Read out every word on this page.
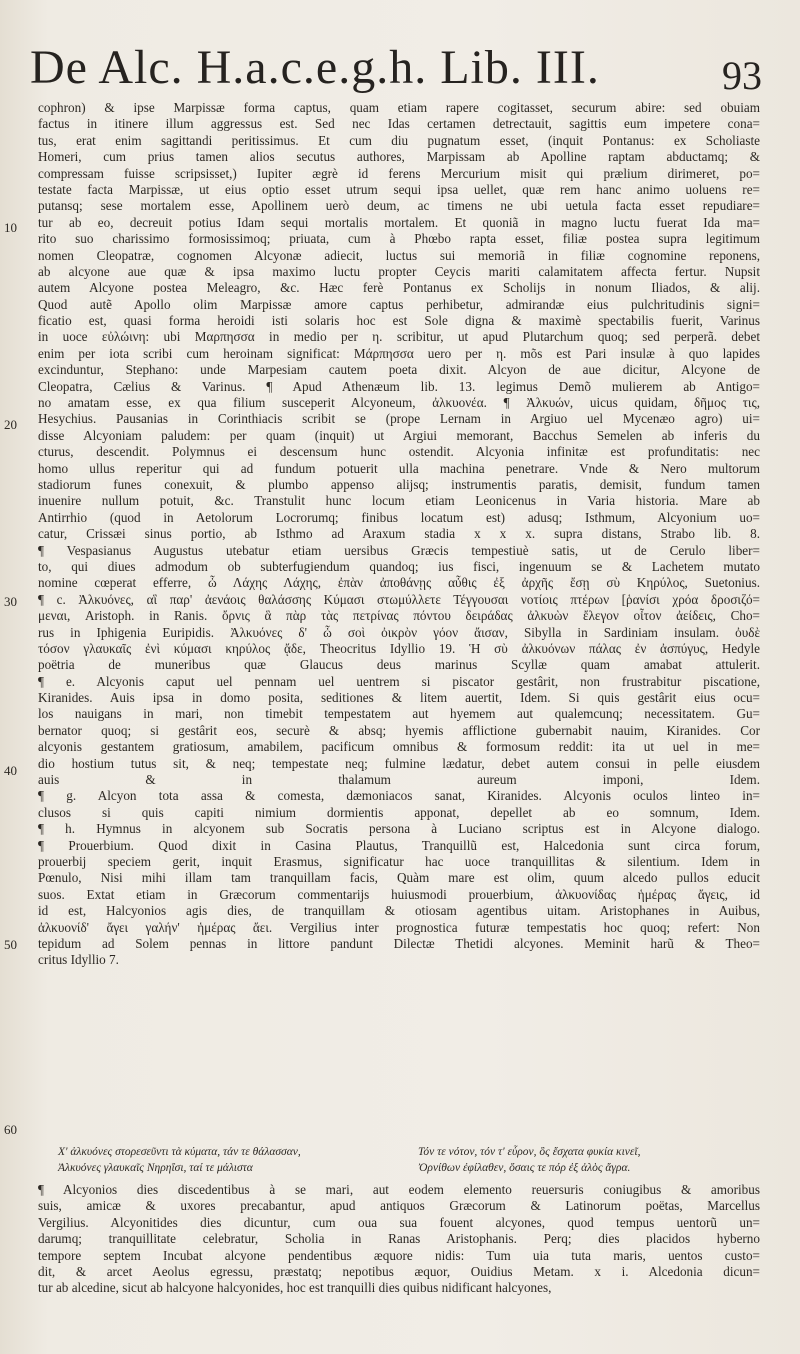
De Alc. H.a.c.e.g.h. Lib. III.	93
10
20
30
40
50
60
cophron) & ipse Marpissæ forma captus, quam etiam rapere cogitasset, securum abire: sed obuiam
factus in itinere illum aggressus est. Sed nec Idas certamen detrectauit, sagittis eum impetere cona=
tus, erat enim sagittandi peritissimus. Et cum diu pugnatum esset, (inquit Pontanus: ex Scholiaste
Homeri, cum prius tamen alios secutus authores, Marpissam ab Apolline raptam abductamq; &
compressam fuisse scripsisset,) Iupiter ægrè id ferens Mercurium misit qui prælium dirimeret, po=
testate facta Marpissæ, ut eius optio esset utrum sequi ipsa uellet, quæ rem hanc animo uoluens re=
putansq; sese mortalem esse, Apollinem uerò deum, ac timens ne ubi uetula facta esset repudiare=
tur ab eo, decreuit potius Idam sequi mortalis mortalem. Et quoniã in magno luctu fuerat Ida ma=
rito suo charissimo formosissimoq; priuata, cum à Phœbo rapta esset, filiæ postea supra legitimum
nomen Cleopatræ, cognomen Alcyonæ adiecit, luctus sui memoriã in filiæ cognomine reponens,
ab alcyone aue quæ & ipsa maximo luctu propter Ceycis mariti calamitatem affecta fertur. Nupsit
autem Alcyone postea Meleagro, &c. Hæc ferè Pontanus ex Scholijs in nonum Iliados, & alij.
Quod autẽ Apollo olim Marpissæ amore captus perhibetur, admirandæ eius pulchritudinis signi=
ficatio est, quasi forma heroidi isti solaris hoc est Sole digna & maximè spectabilis fuerit, Varinus
in uoce εὐλώινη: ubi Μαρπησσα in medio per η. scribitur, ut apud Plutarchum quoq; sed perperã. debet
enim per iota scribi cum heroinam significat: Μάρπησσα uero per η. mõs est Pari insulæ à quo lapides
excinduntur, Stephano: unde Marpesiam cautem poeta dixit. Alcyon de aue dicitur, Alcyone de
Cleopatra, Cælius & Varinus. ¶ Apud Athenæum lib. 13. legimus Demõ mulierem ab Antigo=
no amatam esse, ex qua filium susceperit Alcyoneum, ἀλκυονέα. ¶ Ἀλκυών, uicus quidam, δῆμος τις,
Hesychius. Pausanias in Corinthiacis scribit se (prope Lernam in Argiuo uel Mycenæo agro) ui=
disse Alcyoniam paludem: per quam (inquit) ut Argiui memorant, Bacchus Semelen ab inferis du
cturus, descendit. Polymnus ei descensum hunc ostendit. Alcyonia infinitæ est profunditatis: nec
homo ullus reperitur qui ad fundum potuerit ulla machina penetrare. Vnde & Nero multorum
stadiorum funes conexuit, & plumbo appenso alijsq; instrumentis paratis, demisit, fundum tamen
inuenire nullum potuit, &c. Transtulit hunc locum etiam Leonicenus in Varia historia. Mare ab
Antirrhio (quod in Aetolorum Locrorumq; finibus locatum est) adusq; Isthmum, Alcyonium uo=
catur, Crissæi sinus portio, ab Isthmo ad Araxum stadia x x x. supra distans, Strabo lib. 8.
¶ Vespasianus Augustus utebatur etiam uersibus Græcis tempestiuè satis, ut de Cerulo liber=
to, qui diues admodum ob subterfugiendum quandoq; ius fisci, ingenuum se & Lachetem mutato
nomine cœperat efferre, ὦ Λάχης Λάχης, ἐπὰν ἀποθάνῃς αὖθις ἐξ ἀρχῆς ἔσῃ σὺ Κηρύλος, Suetonius.
¶ c. Ἀλκυόνες, αἳ παρ' ἀενάοις θαλάσσης Κύμασι στωμύλλετε Τέγγουσαι νοτίοις πτέρων [ῥανίσι χρόα δροσιζό=
μεναι, Aristoph. in Ranis. ὄρνις ἃ πὰρ τὰς πετρίνας πόντου δειράδας ἀλκυὼν ἔλεγον οἶτον ἀείδεις, Cho=
rus in Iphigenia Euripidis. Ἀλκυόνες δ' ὦ σοὶ ὀικρὸν γόον ἄισαν, Sibylla in Sardiniam insulam. ὀυδὲ
τόσον γλαυκαῖς ἐνὶ κύμασι κηρύλος ᾄδε, Theocritus Idyllio 19. Ἡ σὺ ἀλκυόνων πάλας ἐν ἀσπύγυς, Hedyle
poëtria de muneribus quæ Glaucus deus marinus Scyllæ quam amabat attulerit.
¶ e. Alcyonis caput uel pennam uel uentrem si piscator gestârit, non frustrabitur piscatione,
Kiranides. Auis ipsa in domo posita, seditiones & litem auertit, Idem. Si quis gestârit eius ocu=
los nauigans in mari, non timebit tempestatem aut hyemem aut qualemcunq; necessitatem. Gu=
bernator quoq; si gestârit eos, securè & absq; hyemis afflictione gubernabit nauim, Kiranides. Cor
alcyonis gestantem gratiosum, amabilem, pacificum omnibus & formosum reddit: ita ut uel in me=
dio hostium tutus sit, & neq; tempestate neq; fulmine lædatur, debet autem consui in pelle eiusdem
auis & in thalamum aureum imponi, Idem.
¶ g. Alcyon tota assa & comesta, dæmoniacos sanat, Kiranides. Alcyonis oculos linteo in=
clusos si quis capiti nimium dormientis apponat, depellet ab eo somnum, Idem.
¶ h. Hymnus in alcyonem sub Socratis persona à Luciano scriptus est in Alcyone dialogo.
¶ Prouerbium. Quod dixit in Casina Plautus, Tranquillũ est, Halcedonia sunt circa forum,
prouerbij speciem gerit, inquit Erasmus, significatur hac uoce tranquillitas & silentium. Idem in
Pœnulo, Nisi mihi illam tam tranquillam facis, Quàm mare est olim, quum alcedo pullos educit
suos. Extat etiam in Græcorum commentarijs huiusmodi prouerbium, ἀλκυονίδας ἡμέρας ἄγεις, id
id est, Halcyonios agis dies, de tranquillam & otiosam agentibus uitam. Aristophanes in Auibus,
ἀλκυονίδ' ἄγει γαλήν' ἡμέρας ἄει. Vergilius inter prognostica futuræ tempestatis hoc quoq; refert: Non
tepidum ad Solem pennas in littore pandunt Dilectæ Thetidi alcyones. Meminit harũ & Theo=
critus Idyllio 7.
Χ' ἀλκυόνες στορεσεῦντι τὰ κύματα, τάν τε θάλασσαν,
Ἀλκυόνες γλαυκαῖς Νηρηΐσι, ταί τε μάλιστα
Τόν τε νότον, τόν τ' εὖρον, ὃς ἔσχατα φυκία κινεῖ,
Ὀρνίθων ἐφίλαθεν, ὅσαις τε πόρ ἐξ ἁλὸς ἄγρα.
¶ Alcyonios dies discedentibus à se mari, aut eodem elemento reuersuris coniugibus & amoribus
suis, amicæ & uxores precabantur, apud antiquos Græcorum & Latinorum poëtas, Marcellus
Vergilius. Alcyonitides dies dicuntur, cum oua sua fouent alcyones, quod tempus uentorũ un=
darumq; tranquillitate celebratur, Scholia in Ranas Aristophanis. Perq; dies placidos hyberno
tempore septem Incubat alcyone pendentibus æquore nidis: Tum uia tuta maris, uentos custo=
dit, & arcet Aeolus egressu, præstatq; nepotibus æquor, Ouidius Metam. x i. Alcedonia dicun=
tur ab alcedine, sicut ab halcyone halcyonides, hoc est tranquilli dies quibus nidificant halcyones,
